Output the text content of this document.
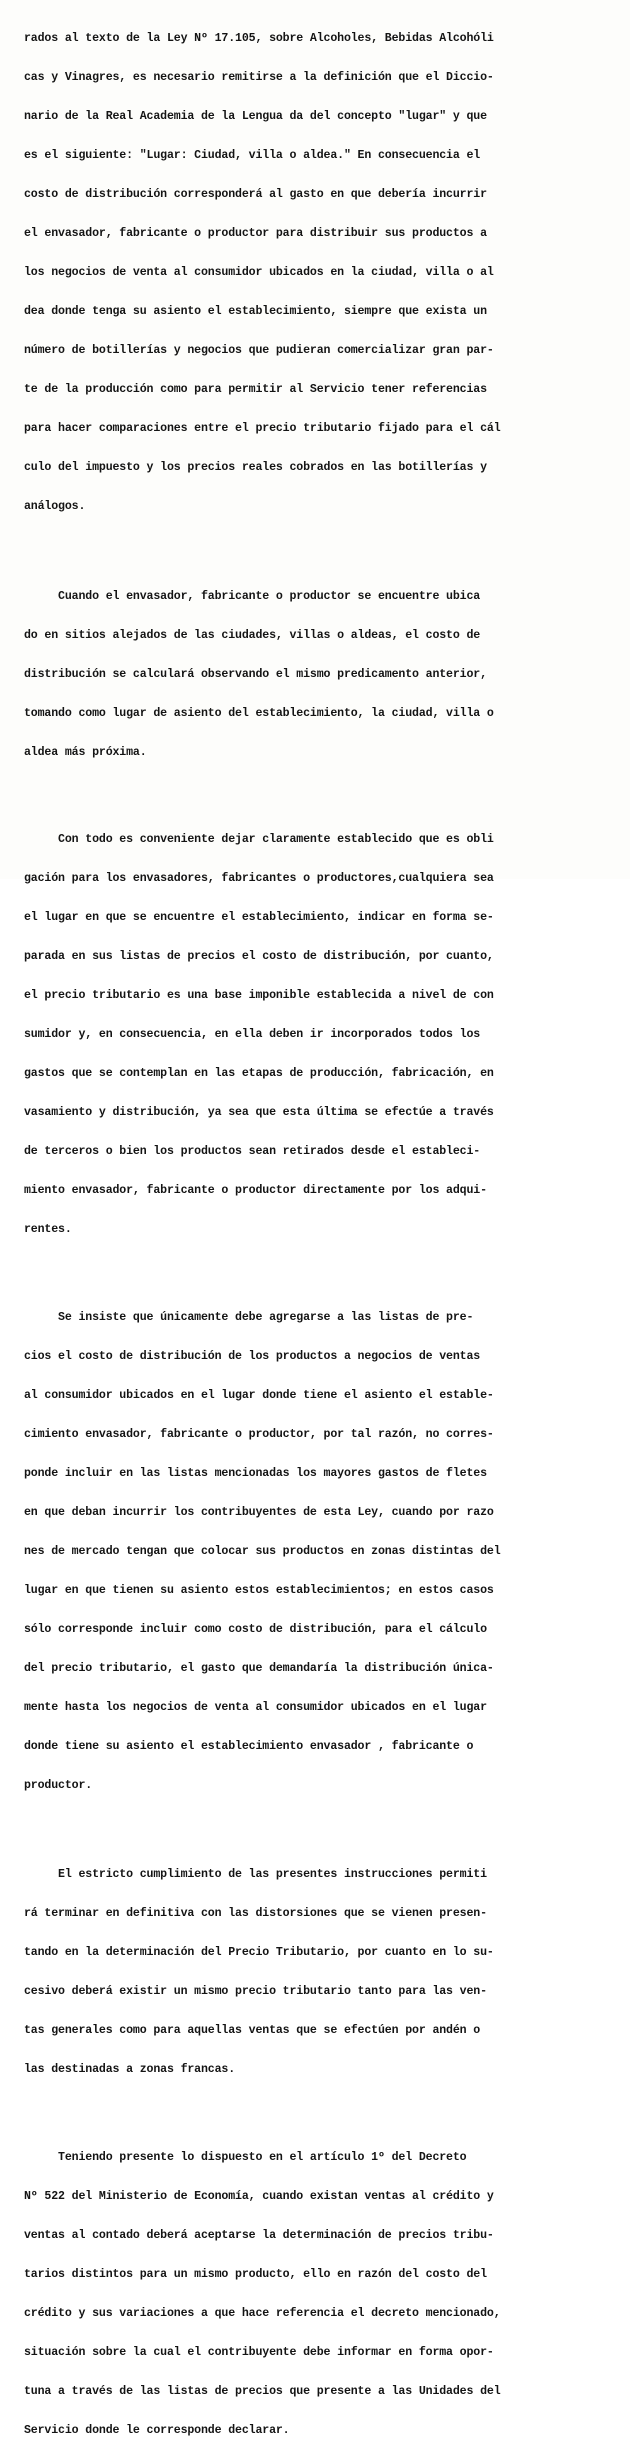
rados al texto de la Ley Nº 17.105, sobre Alcoholes, Bebidas Alcohóli

cas y Vinagres, es necesario remitirse a la definición que el Diccio-

nario de la Real Academia de la Lengua da del concepto "lugar" y que

es el siguiente: "Lugar: Ciudad, villa o aldea." En consecuencia el

costo de distribución corresponderá al gasto en que debería incurrir

el envasador, fabricante o productor para distribuir sus productos a

los negocios de venta al consumidor ubicados en la ciudad, villa o al

dea donde tenga su asiento el establecimiento, siempre que exista un

número de botillerías y negocios que pudieran comercializar gran par-

te de la producción como para permitir al Servicio tener referencias

para hacer comparaciones entre el precio tributario fijado para el cál

culo del impuesto y los precios reales cobrados en las botillerías y

análogos.

Cuando el envasador, fabricante o productor se encuentre ubica

do en sitios alejados de las ciudades, villas o aldeas, el costo de

distribución se calculará observando el mismo predicamento anterior,

tomando como lugar de asiento del establecimiento, la ciudad, villa o

aldea más próxima.

Con todo es conveniente dejar claramente establecido que es obli

gación para los envasadores, fabricantes o productores,cualquiera sea

el lugar en que se encuentre el establecimiento, indicar en forma se-

parada en sus listas de precios el costo de distribución, por cuanto,

el precio tributario es una base imponible establecida a nivel de con

sumidor y, en consecuencia, en ella deben ir incorporados todos los

gastos que se contemplan en las etapas de producción, fabricación, en

vasamiento y distribución, ya sea que esta última se efectúe a través

de terceros o bien los productos sean retirados desde el estableci-

miento envasador, fabricante o productor directamente por los adqui-

rentes.

Se insiste que únicamente debe agregarse a las listas de pre-

cios el costo de distribución de los productos a negocios de ventas

al consumidor ubicados en el lugar donde tiene el asiento el estable-

cimiento envasador, fabricante o productor, por tal razón, no corres-

ponde incluir en las listas mencionadas los mayores gastos de fletes

en que deban incurrir los contribuyentes de esta Ley, cuando por razo

nes de mercado tengan que colocar sus productos en zonas distintas del

lugar en que tienen su asiento estos establecimientos; en estos casos

sólo corresponde incluir como costo de distribución, para el cálculo

del precio tributario, el gasto que demandaría la distribución única-

mente hasta los negocios de venta al consumidor ubicados en el lugar

donde tiene su asiento el establecimiento envasador , fabricante o

productor.

El estricto cumplimiento de las presentes instrucciones permiti

rá terminar en definitiva con las distorsiones que se vienen presen-

tando en la determinación del Precio Tributario, por cuanto en lo su-

cesivo deberá existir un mismo precio tributario tanto para las ven-

tas generales como para aquellas ventas que se efectúen por andén o

las destinadas a zonas francas.

Teniendo presente lo dispuesto en el artículo 1º del Decreto

Nº 522 del Ministerio de Economía, cuando existan ventas al crédito y

ventas al contado deberá aceptarse la determinación de precios tribu-

tarios distintos para un mismo producto, ello en razón del costo del

crédito y sus variaciones a que hace referencia el decreto mencionado,

situación sobre la cual el contribuyente debe informar en forma opor-

tuna a través de las listas de precios que presente a las Unidades del

Servicio donde le corresponde declarar.
